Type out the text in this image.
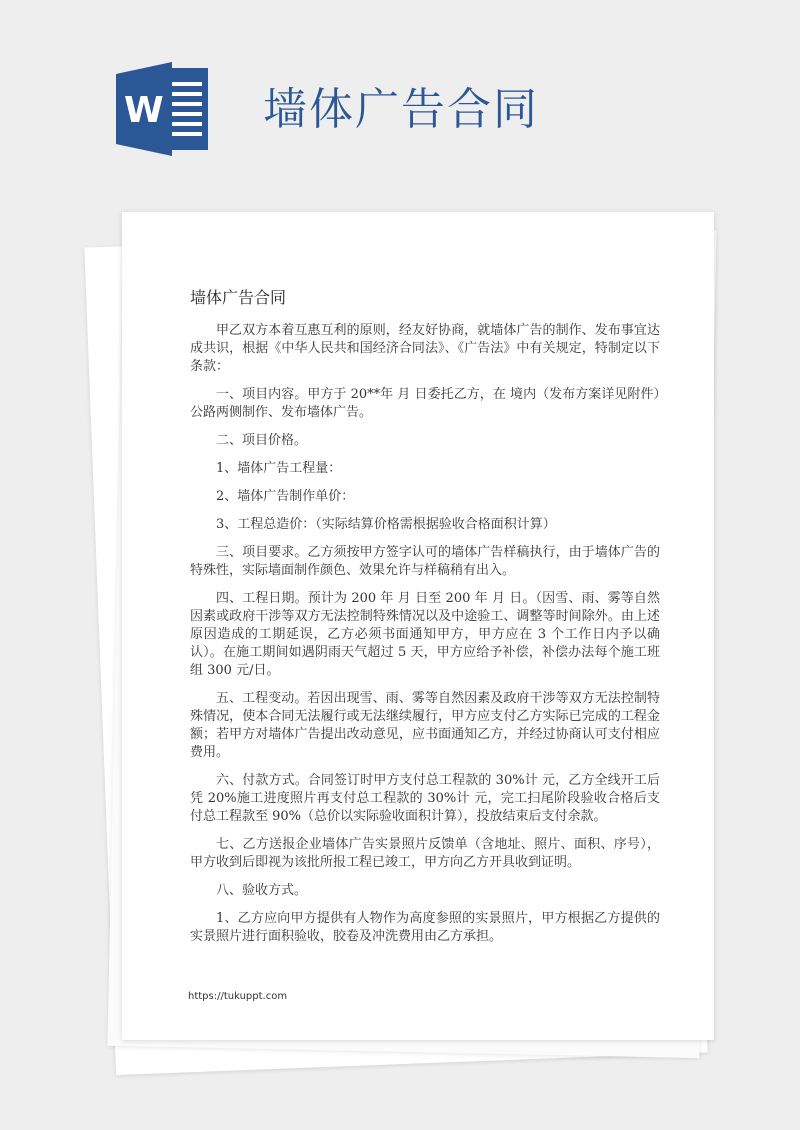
W 墙体广告合同
墙体广告合同

甲乙双方本着互惠互利的原则，经友好协商，就墙体广告的制作、发布事宜达成共识，根据《中华人民共和国经济合同法》、《广告法》中有关规定，特制定以下条款：

一、项目内容。甲方于 20**年 月 日委托乙方，在 境内（发布方案详见附件）公路两侧制作、发布墙体广告。

二、项目价格。

1、墙体广告工程量：

2、墙体广告制作单价：

3、工程总造价：（实际结算价格需根据验收合格面积计算）

三、项目要求。乙方须按甲方签字认可的墙体广告样稿执行，由于墙体广告的特殊性，实际墙面制作颜色、效果允许与样稿稍有出入。

四、工程日期。预计为 200 年 月 日至 200 年 月 日。（因雪、雨、雾等自然因素或政府干涉等双方无法控制特殊情况以及中途验工、调整等时间除外。由上述原因造成的工期延误，乙方必须书面通知甲方，甲方应在 3 个工作日内予以确认）。在施工期间如遇阴雨天气超过 5 天，甲方应给予补偿，补偿办法每个施工班组 300 元/日。

五、工程变动。若因出现雪、雨、雾等自然因素及政府干涉等双方无法控制特殊情况，使本合同无法履行或无法继续履行，甲方应支付乙方实际已完成的工程金额；若甲方对墙体广告提出改动意见，应书面通知乙方，并经过协商认可支付相应费用。

六、付款方式。合同签订时甲方支付总工程款的 30%计 元，乙方全线开工后凭 20%施工进度照片再支付总工程款的 30%计 元，完工扫尾阶段验收合格后支付总工程款至 90%（总价以实际验收面积计算），投放结束后支付余款。

七、乙方送报企业墙体广告实景照片反馈单（含地址、照片、面积、序号），甲方收到后即视为该批所报工程已竣工，甲方向乙方开具收到证明。

八、验收方式。

1、乙方应向甲方提供有人物作为高度参照的实景照片，甲方根据乙方提供的实景照片进行面积验收，胶卷及冲洗费用由乙方承担。

https://tukuppt.com
